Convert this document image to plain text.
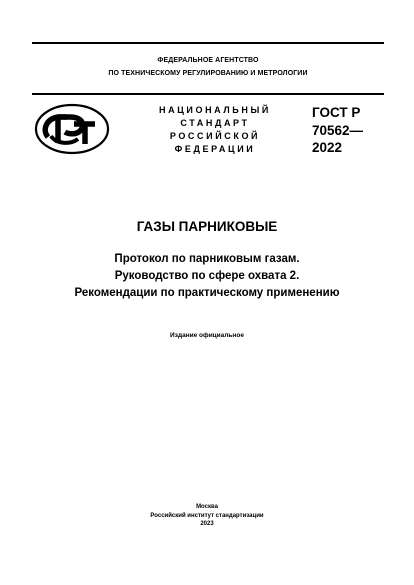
ФЕДЕРАЛЬНОЕ АГЕНТСТВО
ПО ТЕХНИЧЕСКОМУ РЕГУЛИРОВАНИЮ И МЕТРОЛОГИИ
НАЦИОНАЛЬНЫЙ
СТАНДАРТ
РОССИЙСКОЙ
ФЕДЕРАЦИИ
ГОСТ Р
70562—
2022
ГАЗЫ ПАРНИКОВЫЕ
Протокол по парниковым газам.
Руководство по сфере охвата 2.
Рекомендации по практическому применению
Издание официальное
Москва
Российский институт стандартизации
2023
